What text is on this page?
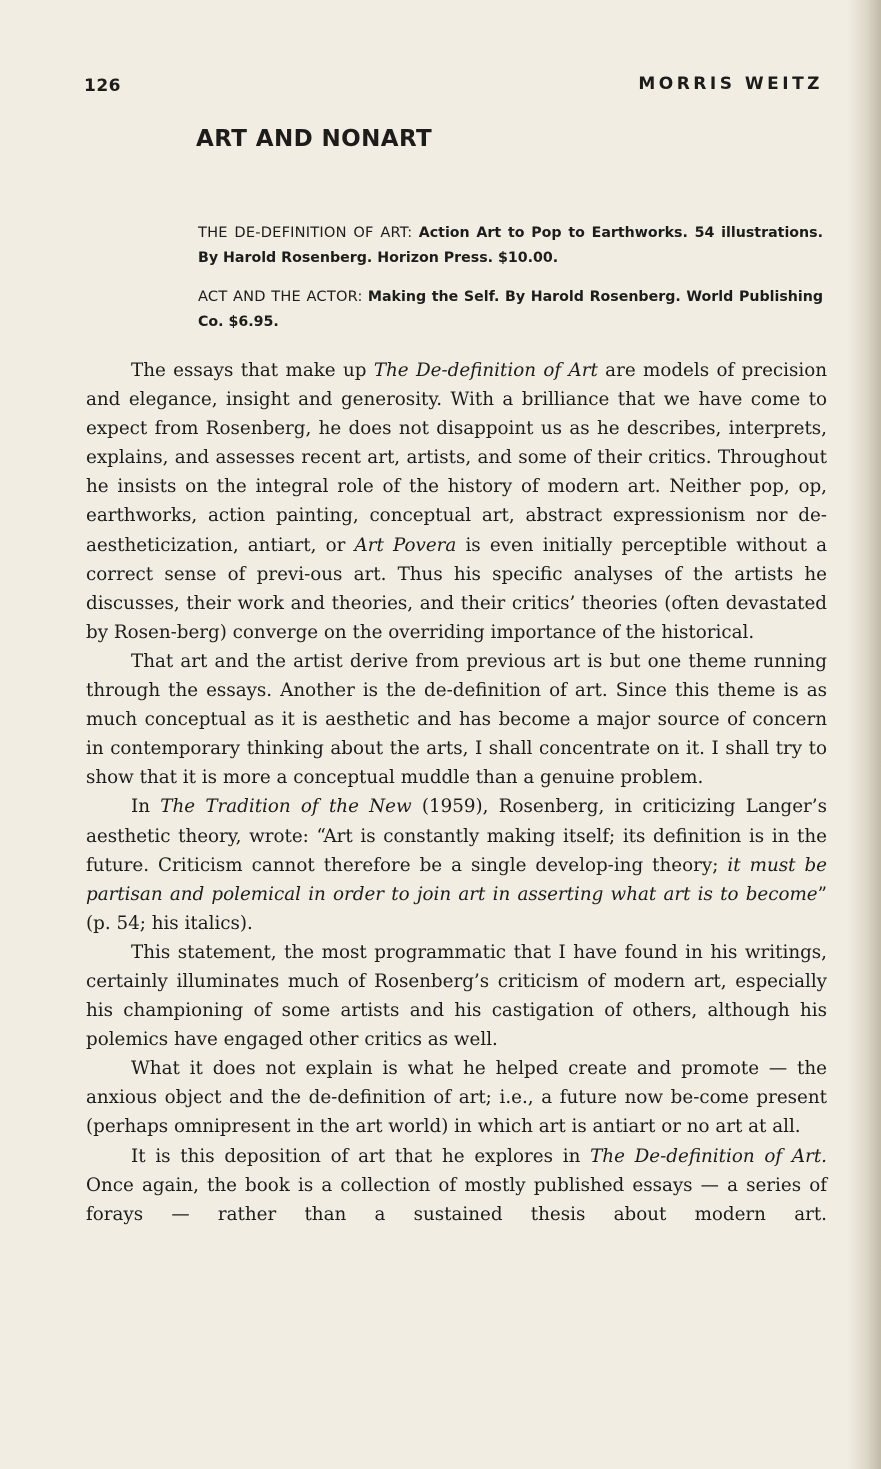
126	MORRIS WEITZ
ART AND NONART
THE DE-DEFINITION OF ART: Action Art to Pop to Earthworks. 54 illustrations. By Harold Rosenberg. Horizon Press. $10.00.
ACT AND THE ACTOR: Making the Self. By Harold Rosenberg. World Publishing Co. $6.95.

The essays that make up The De-definition of Art are models of precision and elegance, insight and generosity. With a brilliance that we have come to expect from Rosenberg, he does not disappoint us as he describes, interprets, explains, and assesses recent art, artists, and some of their critics. Throughout he insists on the integral role of the history of modern art. Neither pop, op, earthworks, action painting, conceptual art, abstract expressionism nor de-aestheticization, antiart, or Art Povera is even initially perceptible without a correct sense of previ-ous art. Thus his specific analyses of the artists he discusses, their work and theories, and their critics’ theories (often devastated by Rosen-berg) converge on the overriding importance of the historical.

That art and the artist derive from previous art is but one theme running through the essays. Another is the de-definition of art. Since this theme is as much conceptual as it is aesthetic and has become a major source of concern in contemporary thinking about the arts, I shall concentrate on it. I shall try to show that it is more a conceptual muddle than a genuine problem.

In The Tradition of the New (1959), Rosenberg, in criticizing Langer’s aesthetic theory, wrote: “Art is constantly making itself; its definition is in the future. Criticism cannot therefore be a single develop-ing theory; it must be partisan and polemical in order to join art in asserting what art is to become” (p. 54; his italics).

This statement, the most programmatic that I have found in his writings, certainly illuminates much of Rosenberg’s criticism of modern art, especially his championing of some artists and his castigation of others, although his polemics have engaged other critics as well.

What it does not explain is what he helped create and promote — the anxious object and the de-definition of art; i.e., a future now be-come present (perhaps omnipresent in the art world) in which art is antiart or no art at all.

It is this deposition of art that he explores in The De-definition of Art. Once again, the book is a collection of mostly published essays — a series of forays — rather than a sustained thesis about modern art.
